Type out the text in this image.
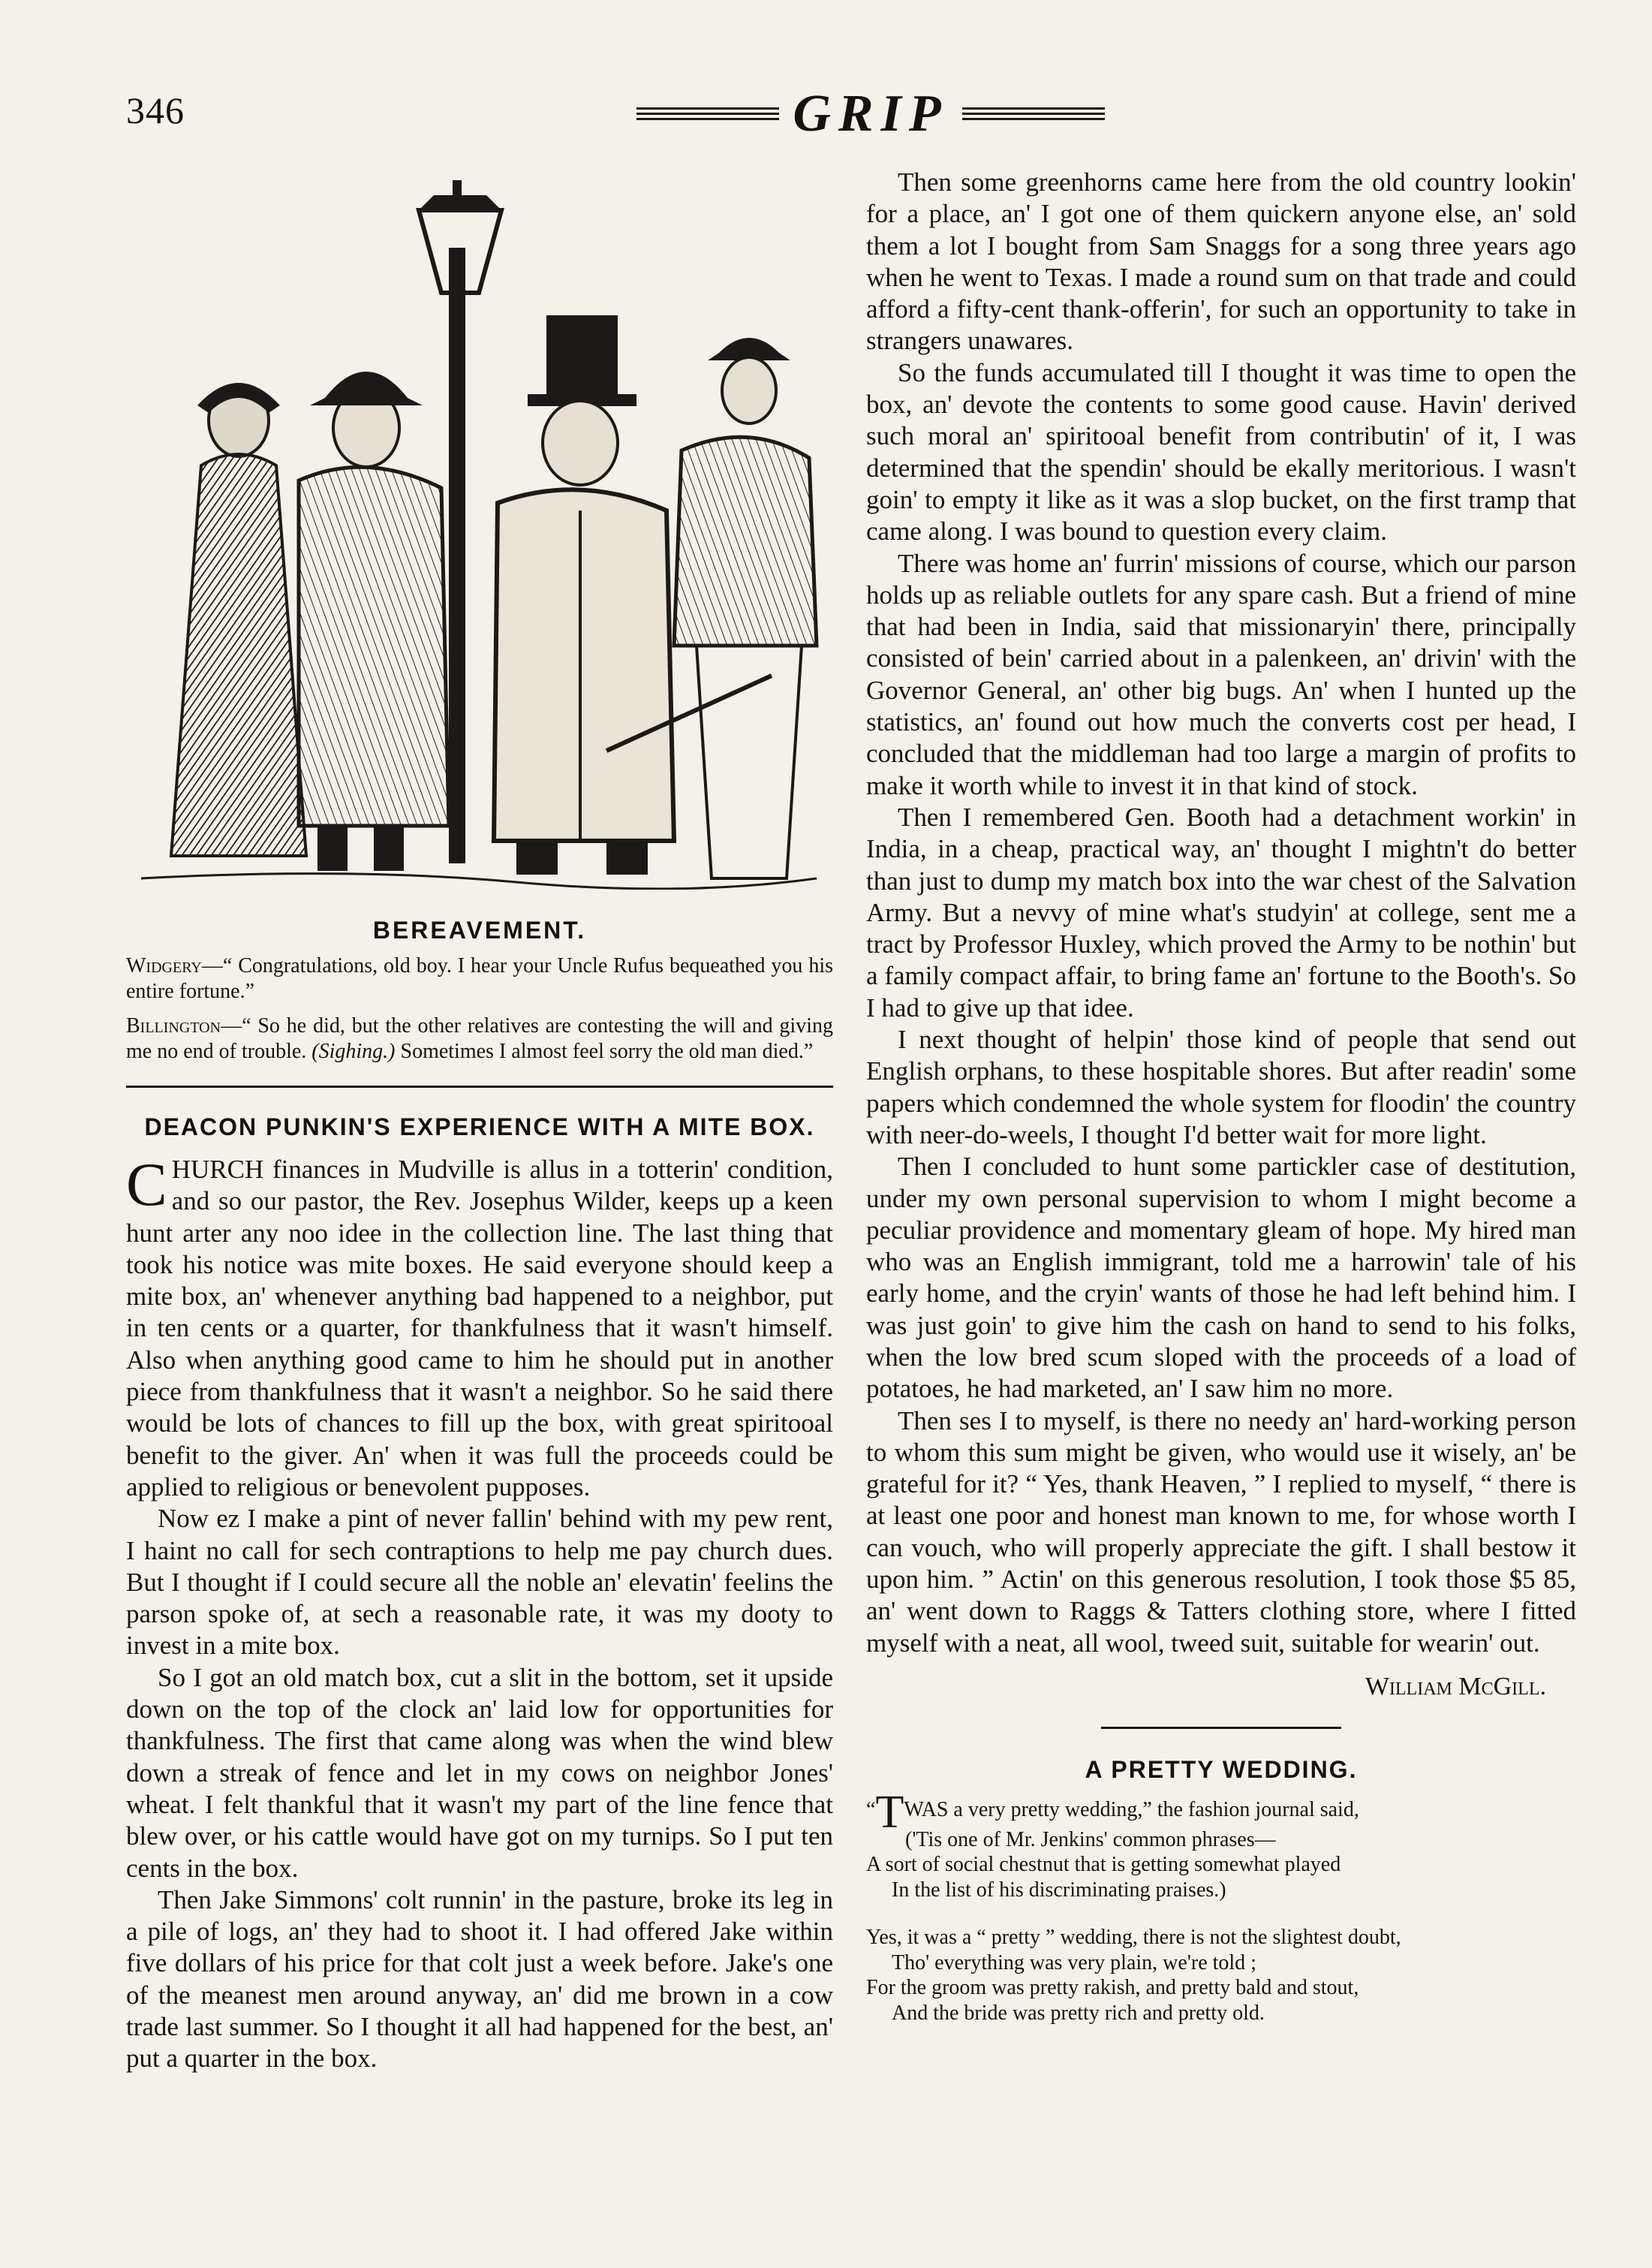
346	GRIP
BEREAVEMENT.

Widgery—“ Congratulations, old boy. I hear your Uncle Rufus bequeathed you his entire fortune.”

Billington—“ So he did, but the other relatives are contesting the will and giving me no end of trouble. (Sighing.) Sometimes I almost feel sorry the old man died.”

DEACON PUNKIN'S EXPERIENCE WITH A MITE BOX.

CHURCH finances in Mudville is allus in a totterin' condition, and so our pastor, the Rev. Josephus Wilder, keeps up a keen hunt arter any noo idee in the collection line. The last thing that took his notice was mite boxes. He said everyone should keep a mite box, an' whenever anything bad happened to a neighbor, put in ten cents or a quarter, for thankfulness that it wasn't himself. Also when anything good came to him he should put in another piece from thankfulness that it wasn't a neighbor. So he said there would be lots of chances to fill up the box, with great spiritooal benefit to the giver. An' when it was full the proceeds could be applied to religious or benevolent pupposes.

Now ez I make a pint of never fallin' behind with my pew rent, I haint no call for sech contraptions to help me pay church dues. But I thought if I could secure all the noble an' elevatin' feelins the parson spoke of, at sech a reasonable rate, it was my dooty to invest in a mite box.

So I got an old match box, cut a slit in the bottom, set it upside down on the top of the clock an' laid low for opportunities for thankfulness. The first that came along was when the wind blew down a streak of fence and let in my cows on neighbor Jones' wheat. I felt thankful that it wasn't my part of the line fence that blew over, or his cattle would have got on my turnips. So I put ten cents in the box.

Then Jake Simmons' colt runnin' in the pasture, broke its leg in a pile of logs, an' they had to shoot it. I had offered Jake within five dollars of his price for that colt just a week before. Jake's one of the meanest men around anyway, an' did me brown in a cow trade last summer. So I thought it all had happened for the best, an' put a quarter in the box.

Then some greenhorns came here from the old country lookin' for a place, an' I got one of them quickern anyone else, an' sold them a lot I bought from Sam Snaggs for a song three years ago when he went to Texas. I made a round sum on that trade and could afford a fifty-cent thank-offerin', for such an opportunity to take in strangers unawares.

So the funds accumulated till I thought it was time to open the box, an' devote the contents to some good cause. Havin' derived such moral an' spiritooal benefit from contributin' of it, I was determined that the spendin' should be ekally meritorious. I wasn't goin' to empty it like as it was a slop bucket, on the first tramp that came along. I was bound to question every claim.

There was home an' furrin' missions of course, which our parson holds up as reliable outlets for any spare cash. But a friend of mine that had been in India, said that missionaryin' there, principally consisted of bein' carried about in a palenkeen, an' drivin' with the Governor General, an' other big bugs. An' when I hunted up the statistics, an' found out how much the converts cost per head, I concluded that the middleman had too large a margin of profits to make it worth while to invest it in that kind of stock.

Then I remembered Gen. Booth had a detachment workin' in India, in a cheap, practical way, an' thought I mightn't do better than just to dump my match box into the war chest of the Salvation Army. But a nevvy of mine what's studyin' at college, sent me a tract by Professor Huxley, which proved the Army to be nothin' but a family compact affair, to bring fame an' fortune to the Booth's. So I had to give up that idee.

I next thought of helpin' those kind of people that send out English orphans, to these hospitable shores. But after readin' some papers which condemned the whole system for floodin' the country with neer-do-weels, I thought I'd better wait for more light.

Then I concluded to hunt some partickler case of destitution, under my own personal supervision to whom I might become a peculiar providence and momentary gleam of hope. My hired man who was an English immigrant, told me a harrowin' tale of his early home, and the cryin' wants of those he had left behind him. I was just goin' to give him the cash on hand to send to his folks, when the low bred scum sloped with the proceeds of a load of potatoes, he had marketed, an' I saw him no more.

Then ses I to myself, is there no needy an' hard-working person to whom this sum might be given, who would use it wisely, an' be grateful for it? “ Yes, thank Heaven, ” I replied to myself, “ there is at least one poor and honest man known to me, for whose worth I can vouch, who will properly appreciate the gift. I shall bestow it upon him. ” Actin' on this generous resolution, I took those $5 85, an' went down to Raggs & Tatters clothing store, where I fitted myself with a neat, all wool, tweed suit, suitable for wearin' out.

William McGill.
A PRETTY WEDDING.
“TWAS a very pretty wedding,” the fashion journal said,
('Tis one of Mr. Jenkins' common phrases—
A sort of social chestnut that is getting somewhat played
In the list of his discriminating praises.)
Yes, it was a “ pretty ” wedding, there is not the slightest doubt,
Tho' everything was very plain, we're told ;
For the groom was pretty rakish, and pretty bald and stout,
And the bride was pretty rich and pretty old.
